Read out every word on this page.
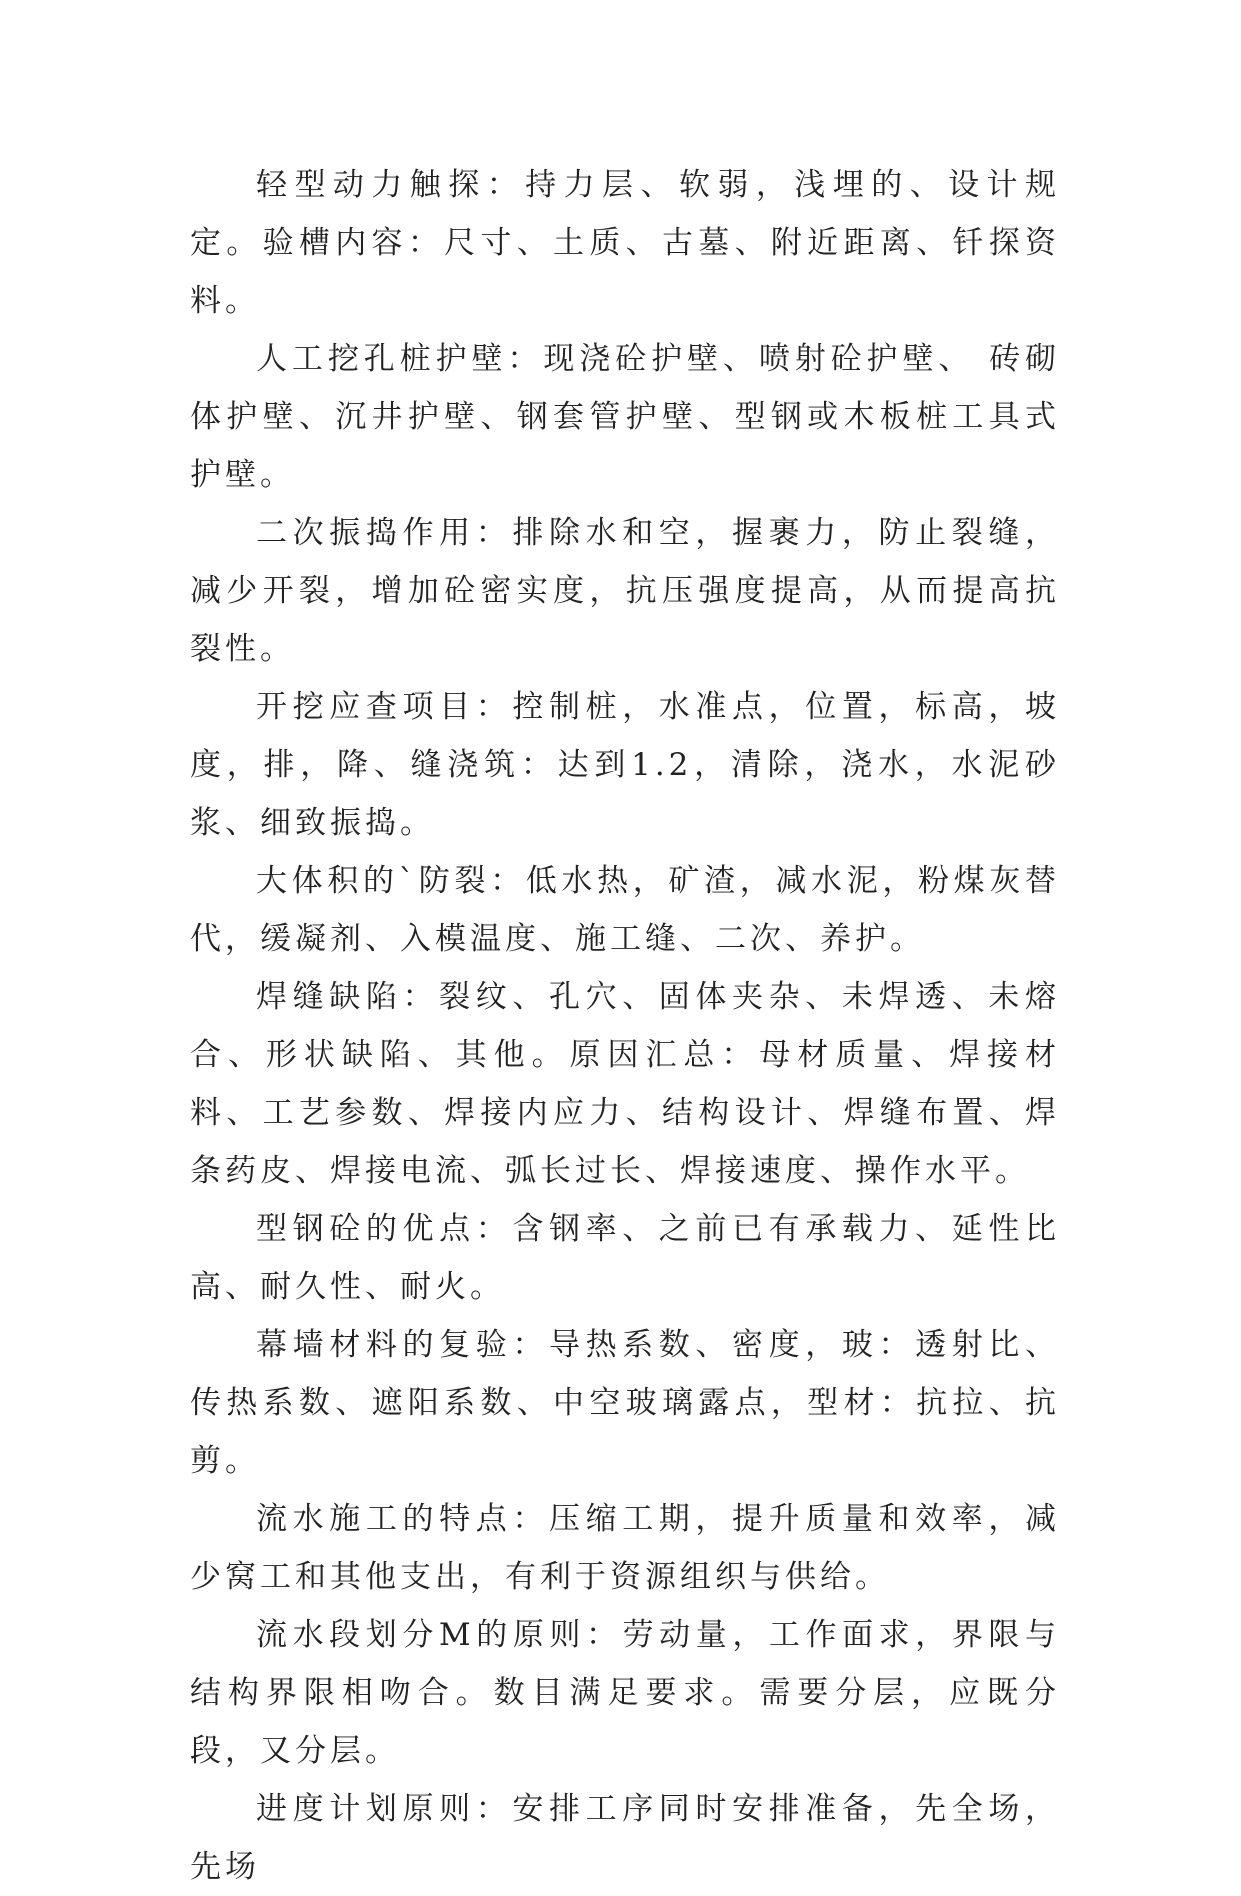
轻型动力触探：持力层、软弱，浅埋的、设计规定。验槽内容：尺寸、土质、古墓、附近距离、钎探资料。

人工挖孔桩护壁：现浇砼护壁、喷射砼护壁、 砖砌体护壁、沉井护壁、钢套管护壁、型钢或木板桩工具式护壁。

二次振捣作用：排除水和空，握裹力，防止裂缝，减少开裂，增加砼密实度，抗压强度提高，从而提高抗裂性。

开挖应查项目：控制桩，水准点，位置，标高，坡度，排，降、缝浇筑：达到1.2，清除，浇水，水泥砂浆、细致振捣。

大体积的`防裂：低水热，矿渣，减水泥，粉煤灰替代，缓凝剂、入模温度、施工缝、二次、养护。

焊缝缺陷：裂纹、孔穴、固体夹杂、未焊透、未熔合、形状缺陷、其他。原因汇总：母材质量、焊接材料、工艺参数、焊接内应力、结构设计、焊缝布置、焊条药皮、焊接电流、弧长过长、焊接速度、操作水平。

型钢砼的优点：含钢率、之前已有承载力、延性比高、耐久性、耐火。

幕墙材料的复验：导热系数、密度，玻：透射比、传热系数、遮阳系数、中空玻璃露点，型材：抗拉、抗剪。

流水施工的特点：压缩工期，提升质量和效率，减少窝工和其他支出，有利于资源组织与供给。

流水段划分M的原则：劳动量，工作面求，界限与结构界限相吻合。数目满足要求。需要分层，应既分段，又分层。

进度计划原则：安排工序同时安排准备，先全场，先场
